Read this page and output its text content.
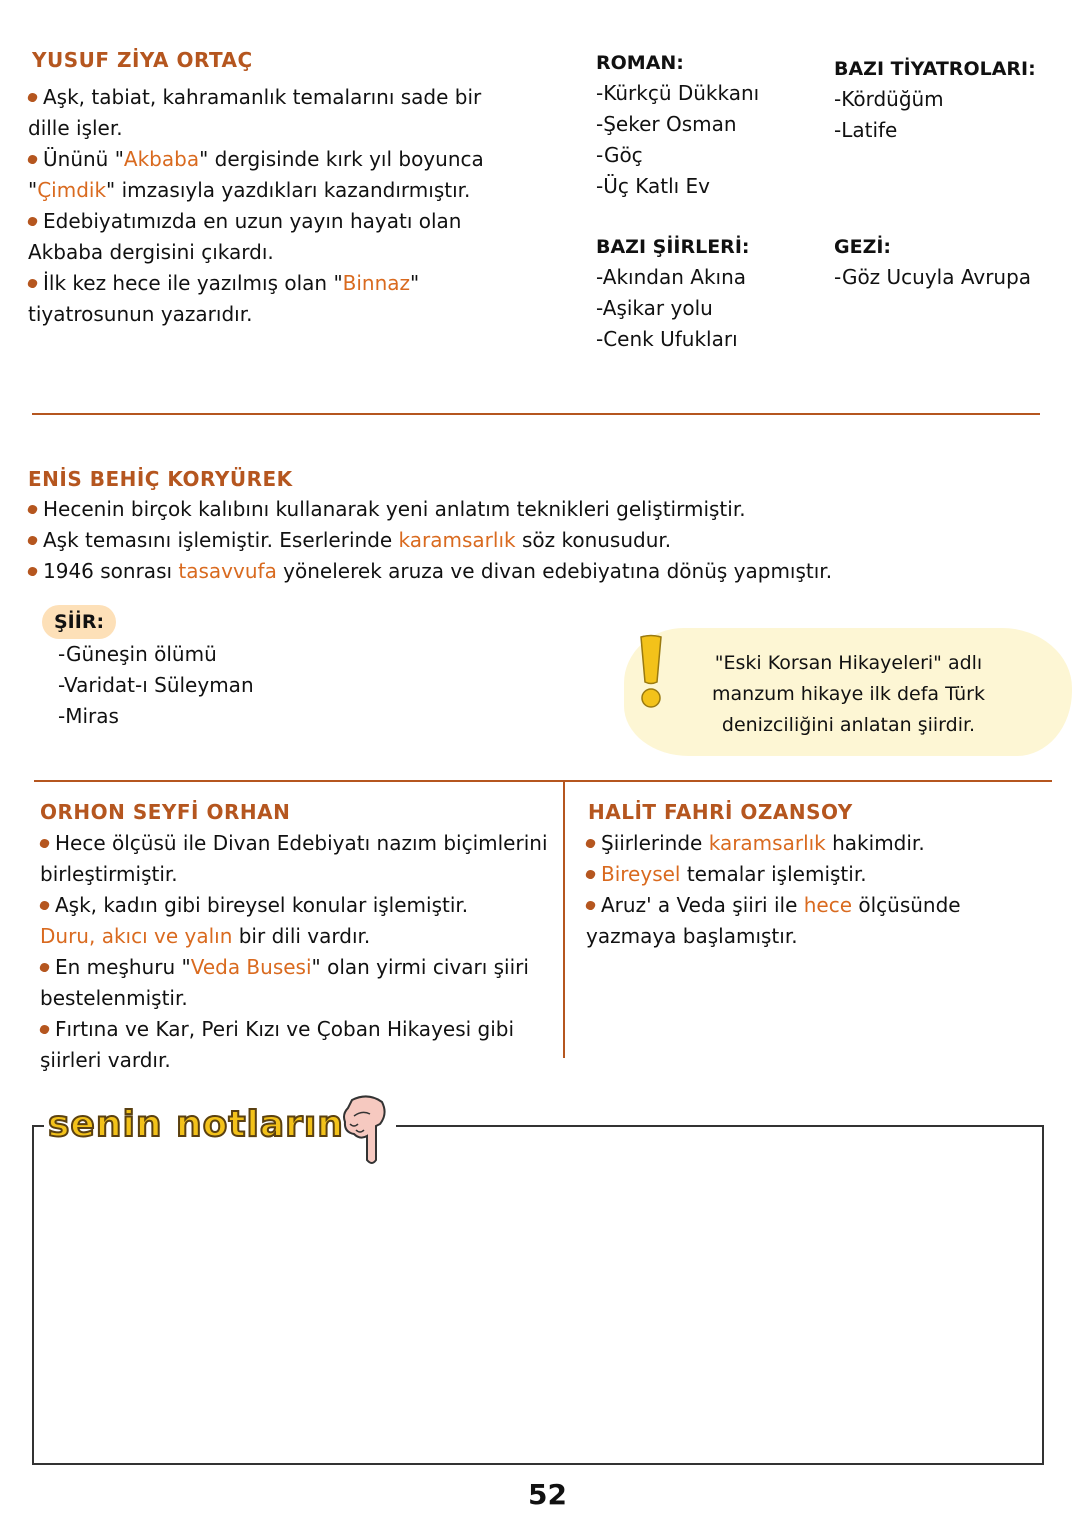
YUSUF ZİYA ORTAÇ
Aşk, tabiat, kahramanlık temalarını sade bir dille işler.
Ününü "Akbaba" dergisinde kırk yıl boyunca "Çimdik" imzasıyla yazdıkları kazandırmıştır.
Edebiyatımızda en uzun yayın hayatı olan Akbaba dergisini çıkardı.
İlk kez hece ile yazılmış olan "Binnaz" tiyatrosunun yazarıdır.
ROMAN:
-Kürkçü Dükkanı
-Şeker Osman
-Göç
-Üç Katlı Ev
BAZI TİYATROLARI:
-Kördüğüm
-Latife
BAZI ŞİİRLERİ:
-Akından Akına
-Aşikar yolu
-Cenk Ufukları
GEZİ:
-Göz Ucuyla Avrupa
ENİS BEHİÇ KORYÜREK
Hecenin birçok kalıbını kullanarak yeni anlatım teknikleri geliştirmiştir.
Aşk temasını işlemiştir. Eserlerinde karamsarlık söz konusudur.
1946 sonrası tasavvufa yönelerek aruza ve divan edebiyatına dönüş yapmıştır.
ŞİİR:
-Güneşin ölümü
-Varidat-ı Süleyman
-Miras
"Eski Korsan Hikayeleri" adlı manzum hikaye ilk defa Türk denizciliğini anlatan şiirdir.
ORHON SEYFİ ORHAN
Hece ölçüsü ile Divan Edebiyatı nazım biçimlerini birleştirmiştir.
Aşk, kadın gibi bireysel konular işlemiştir.
Duru, akıcı ve yalın bir dili vardır.
En meşhuru "Veda Busesi" olan yirmi civarı şiiri bestelenmiştir.
Fırtına ve Kar, Peri Kızı ve Çoban Hikayesi gibi şiirleri vardır.
HALİT FAHRİ OZANSOY
Şiirlerinde karamsarlık hakimdir.
Bireysel temalar işlemiştir.
Aruz' a Veda şiiri ile hece ölçüsünde yazmaya başlamıştır.
senin notların
52
